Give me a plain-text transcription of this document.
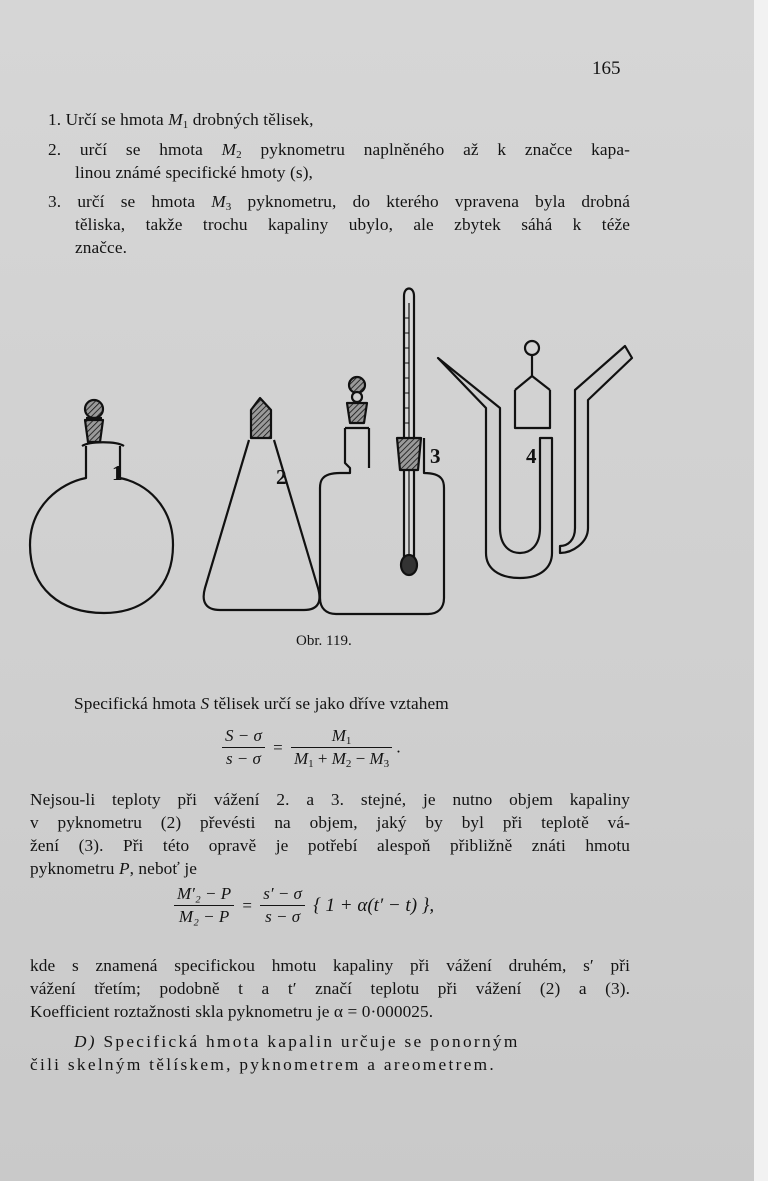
165
1. Určí se hmota $M_1$ drobných tělisek,
2. určí se hmota $M_2$ pyknometru naplněného až k značce kapa-
linou známé specifické hmoty (s),
3. určí se hmota $M_3$ pyknometru, do kterého vpravena byla drobná
těliska, takže trochu kapaliny ubylo, ale zbytek sáhá k téže
značce.
1	2
3	4
Obr. 119.
Specifická hmota S tělisek určí se jako dříve vztahem
$\frac{S - \sigma}{s - \sigma} = \frac{M_1}{M_1 + M_2 - M_3}$ .
Nejsou-li teploty při vážení 2. a 3. stejné, je nutno objem kapaliny
v pyknometru (2) převésti na objem, jaký by byl při teplotě vá-
žení (3). Při této opravě je potřebí alespoň přibližně znáti hmotu
pyknometru P, neboť je
$\frac{\text{M′₂ − P}}{\text{M₂ − P}} = \frac{s' - \sigma}{s - \sigma}$ { 1 + α(t′ − t) },
kde s znamená specifickou hmotu kapaliny při vážení druhém, s′ při
vážení třetím; podobně t a t′ značí teplotu při vážení (2) a (3).
Koefficient roztažnosti skla pyknometru je α = 0·000025.
D) Specifická hmota kapalin určuje se ponorným
čili skelným tělískem, pyknometrem a areometrem.
